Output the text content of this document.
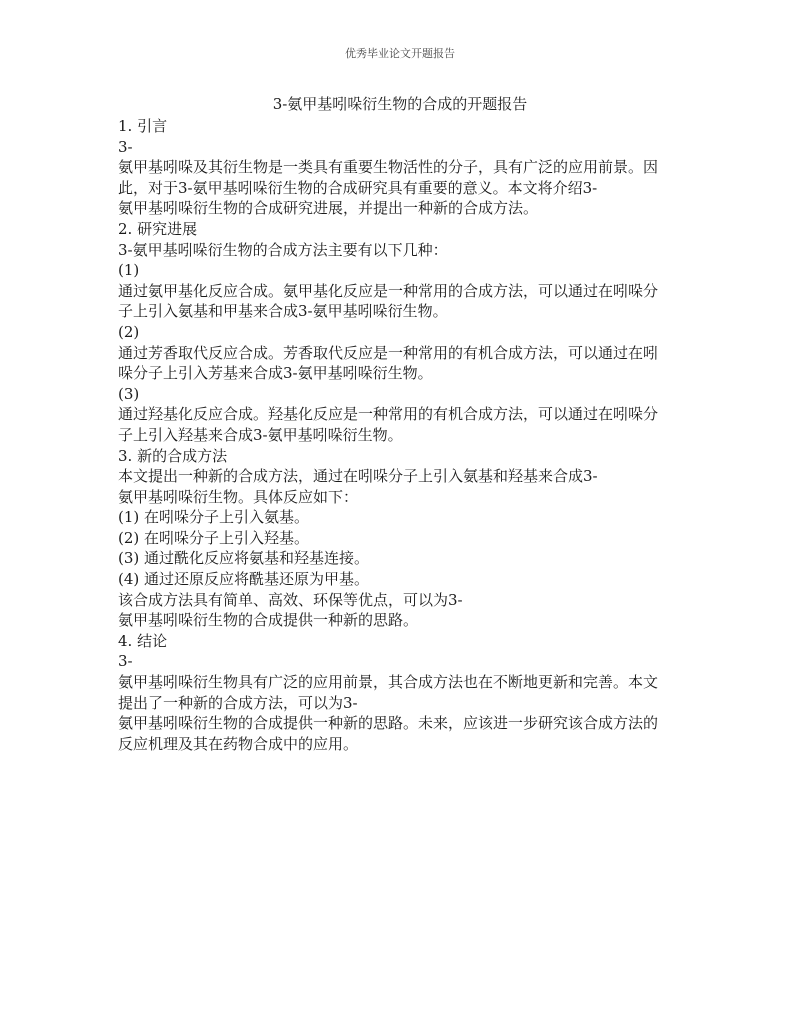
优秀毕业论文开题报告
3-氨甲基吲哚衍生物的合成的开题报告
1. 引言
3-
氨甲基吲哚及其衍生物是一类具有重要生物活性的分子，具有广泛的应用前景。因
此，对于3-氨甲基吲哚衍生物的合成研究具有重要的意义。本文将介绍3-
氨甲基吲哚衍生物的合成研究进展，并提出一种新的合成方法。
2. 研究进展
3-氨甲基吲哚衍生物的合成方法主要有以下几种：
(1)
通过氨甲基化反应合成。氨甲基化反应是一种常用的合成方法，可以通过在吲哚分
子上引入氨基和甲基来合成3-氨甲基吲哚衍生物。
(2)
通过芳香取代反应合成。芳香取代反应是一种常用的有机合成方法，可以通过在吲
哚分子上引入芳基来合成3-氨甲基吲哚衍生物。
(3)
通过羟基化反应合成。羟基化反应是一种常用的有机合成方法，可以通过在吲哚分
子上引入羟基来合成3-氨甲基吲哚衍生物。
3. 新的合成方法
本文提出一种新的合成方法，通过在吲哚分子上引入氨基和羟基来合成3-
氨甲基吲哚衍生物。具体反应如下：
(1) 在吲哚分子上引入氨基。
(2) 在吲哚分子上引入羟基。
(3) 通过酰化反应将氨基和羟基连接。
(4) 通过还原反应将酰基还原为甲基。
该合成方法具有简单、高效、环保等优点，可以为3-
氨甲基吲哚衍生物的合成提供一种新的思路。
4. 结论
3-
氨甲基吲哚衍生物具有广泛的应用前景，其合成方法也在不断地更新和完善。本文
提出了一种新的合成方法，可以为3-
氨甲基吲哚衍生物的合成提供一种新的思路。未来，应该进一步研究该合成方法的
反应机理及其在药物合成中的应用。
